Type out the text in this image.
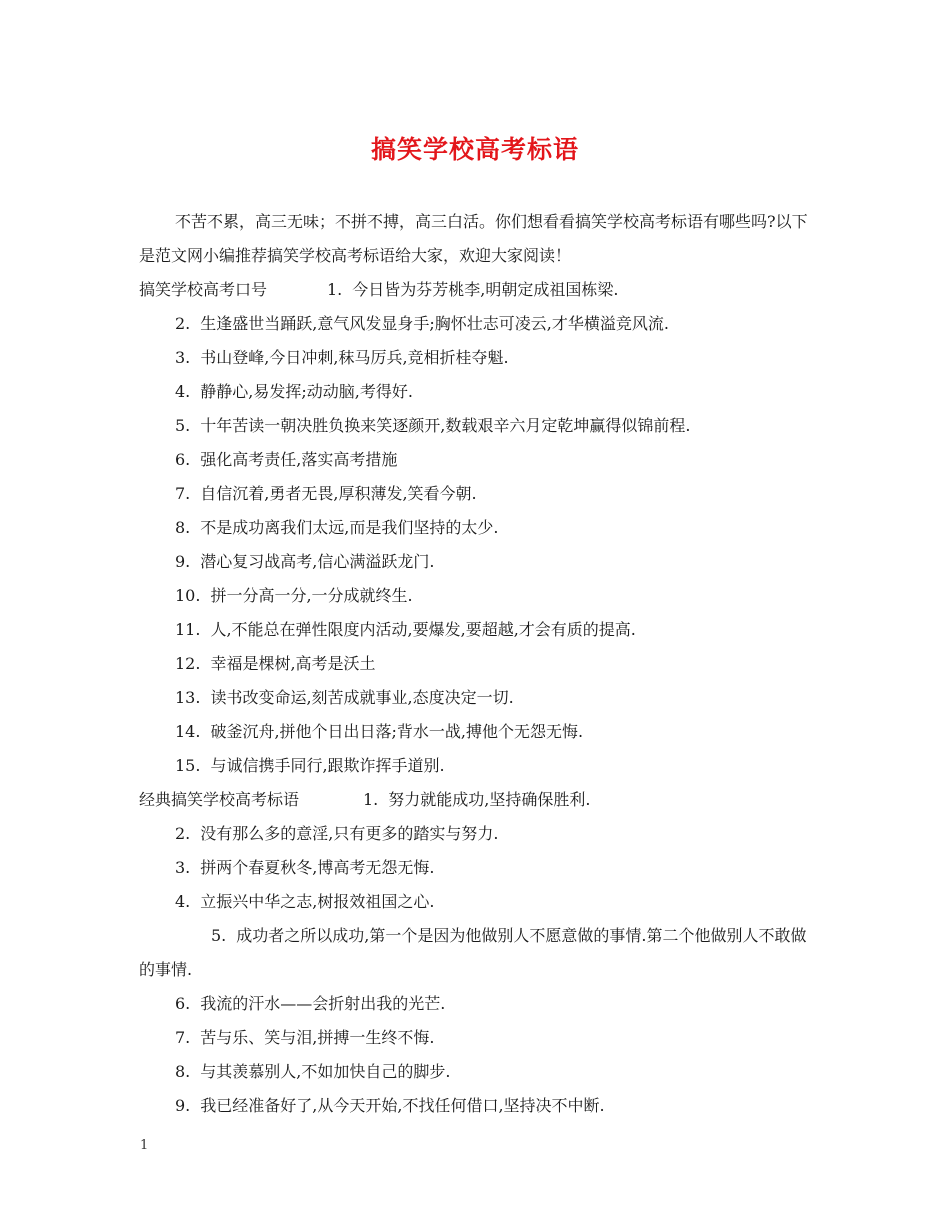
搞笑学校高考标语

不苦不累，高三无味；不拼不搏，高三白活。你们想看看搞笑学校高考标语有哪些吗?以下是范文网小编推荐搞笑学校高考标语给大家，欢迎大家阅读！

搞笑学校高考口号	1. 今日皆为芬芳桃李,明朝定成祖国栋梁.
2. 生逢盛世当踊跃,意气风发显身手;胸怀壮志可凌云,才华横溢竞风流.
3. 书山登峰,今日冲刺,秣马厉兵,竞相折桂夺魁.
4. 静静心,易发挥;动动脑,考得好.
5. 十年苦读一朝决胜负换来笑逐颜开,数载艰辛六月定乾坤赢得似锦前程.
6. 强化高考责任,落实高考措施
7. 自信沉着,勇者无畏,厚积薄发,笑看今朝.
8. 不是成功离我们太远,而是我们坚持的太少.
9. 潜心复习战高考,信心满溢跃龙门.
10. 拼一分高一分,一分成就终生.
11. 人,不能总在弹性限度内活动,要爆发,要超越,才会有质的提高.
12. 幸福是棵树,高考是沃土
13. 读书改变命运,刻苦成就事业,态度决定一切.
14. 破釜沉舟,拼他个日出日落;背水一战,搏他个无怨无悔.
15. 与诚信携手同行,跟欺诈挥手道别.
经典搞笑学校高考标语	1. 努力就能成功,坚持确保胜利.
2. 没有那么多的意淫,只有更多的踏实与努力.
3. 拼两个春夏秋冬,博高考无怨无悔.
4. 立振兴中华之志,树报效祖国之心.
5. 成功者之所以成功,第一个是因为他做别人不愿意做的事情.第二个他做别人不敢做的事情.
6. 我流的汗水——会折射出我的光芒.
7. 苦与乐、笑与泪,拼搏一生终不悔.
8. 与其羡慕别人,不如加快自己的脚步.
9. 我已经准备好了,从今天开始,不找任何借口,坚持决不中断.
1
